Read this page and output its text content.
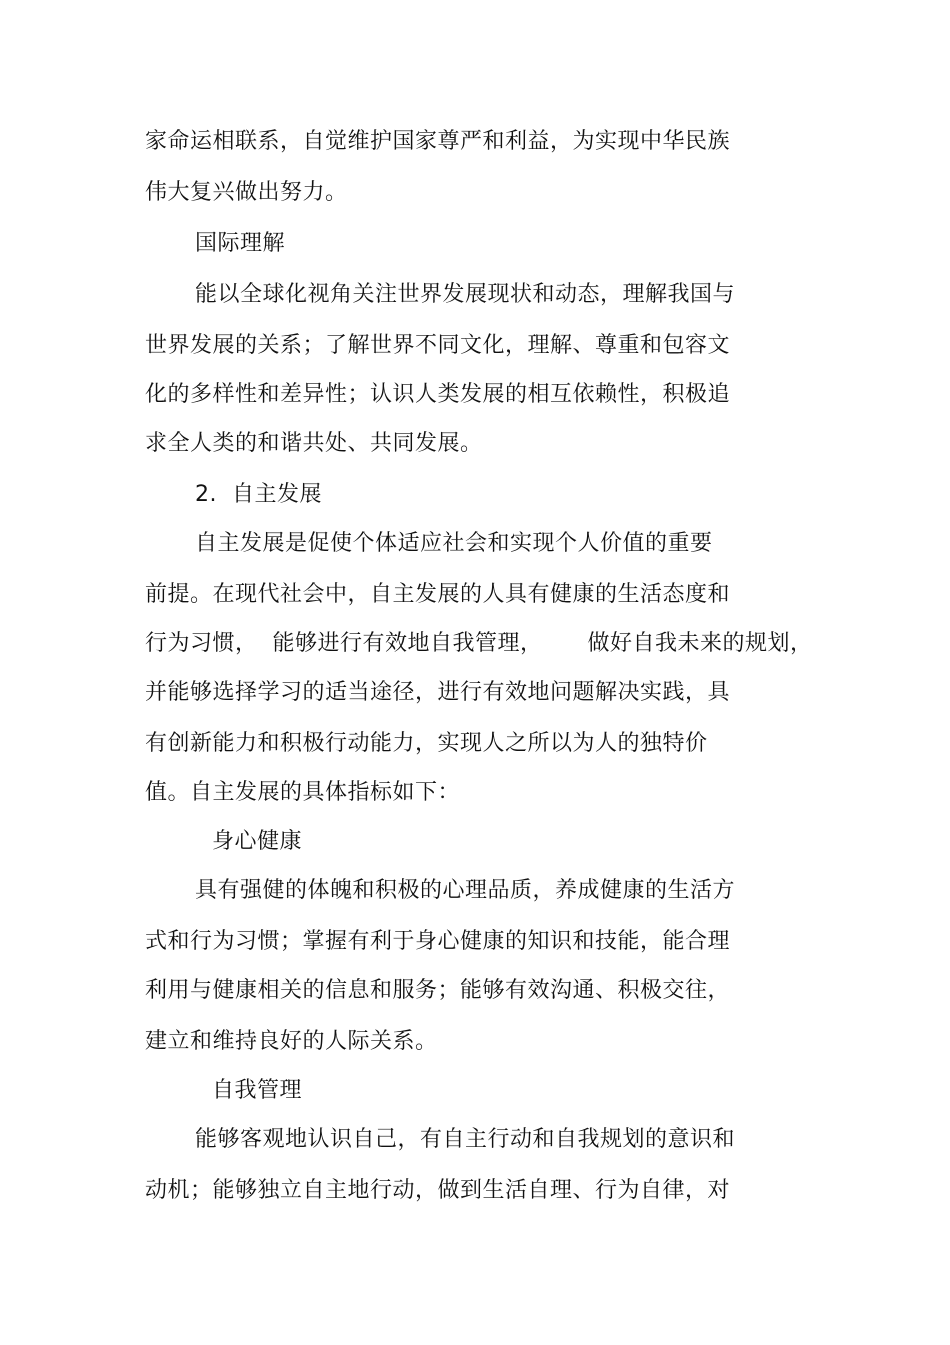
家命运相联系，自觉维护国家尊严和利益，为实现中华民族
伟大复兴做出努力。
国际理解
能以全球化视角关注世界发展现状和动态，理解我国与
世界发展的关系；了解世界不同文化，理解、尊重和包容文
化的多样性和差异性；认识人类发展的相互依赖性，积极追
求全人类的和谐共处、共同发展。
2.  自主发展
自主发展是促使个体适应社会和实现个人价值的重要
前提。在现代社会中，自主发展的人具有健康的生活态度和
行为习惯，  能够进行有效地自我管理，      做好自我未来的规划，
并能够选择学习的适当途径，进行有效地问题解决实践，具
有创新能力和积极行动能力，实现人之所以为人的独特价
值。自主发展的具体指标如下：
身心健康
具有强健的体魄和积极的心理品质，养成健康的生活方
式和行为习惯；掌握有利于身心健康的知识和技能，能合理
利用与健康相关的信息和服务；能够有效沟通、积极交往，
建立和维持良好的人际关系。
自我管理
能够客观地认识自己，有自主行动和自我规划的意识和
动机；能够独立自主地行动，做到生活自理、行为自律，对
